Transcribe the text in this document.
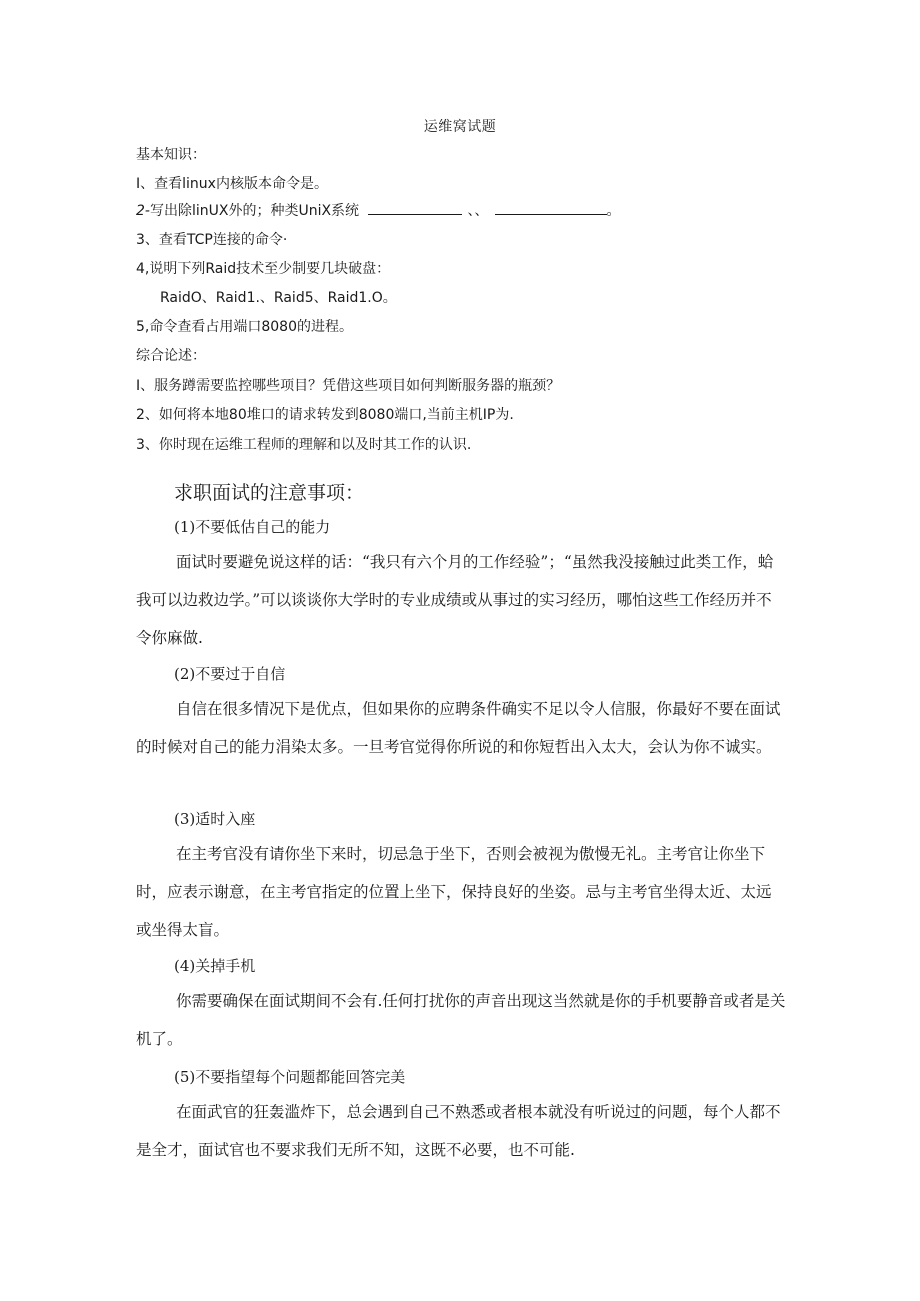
运维窝试题
基本知识：
I、查看linux内核版本命令是。
2-写出除linUX外的；种类UniX系统	、、	。
3、查看TCP连接的命令·
4,说明下列Raid技术至少制要几块破盘：
RaidO、Raid1.、Raid5、Raid1.O。
5,命令查看占用端口8080的进程。
综合论述：
I、服务蹲需要监控哪些项目？凭借这些项目如何判断服务器的瓶颈？
2、如何将本地80堆口的请求转发到8080端口,当前主机IP为.
3、你时现在运维工程师的理解和以及时其工作的认识.
求职面试的注意事项：
(1)不要低估自己的能力
面试时要避免说这样的话：“我只有六个月的工作经验”；“虽然我没接触过此类工作，蛤我可以边救边学。”可以谈谈你大学时的专业成绩或从事过的实习经历，哪怕这些工作经历并不令你麻做.
(2)不要过于自信
自信在很多情况下是优点，但如果你的应聘条件确实不足以令人信服，你最好不要在面试的时候对自己的能力涓染太多。一旦考官觉得你所说的和你短哲出入太大，会认为你不诚实。
(3)适时入座
在主考官没有请你坐下来时，切忌急于坐下，否则会被视为傲慢无礼。主考官让你坐下时，应表示谢意，在主考官指定的位置上坐下，保持良好的坐姿。忌与主考官坐得太近、太远或坐得太盲。
(4)关掉手机
你需要确保在面试期间不会有.任何打扰你的声音出现这当然就是你的手机要静音或者是关机了。
(5)不要指望每个问题都能回答完美
在面武官的狂轰滥炸下，总会遇到自己不熟悉或者根本就没有听说过的问题，每个人都不是全才，面试官也不要求我们无所不知，这既不必要，也不可能.
